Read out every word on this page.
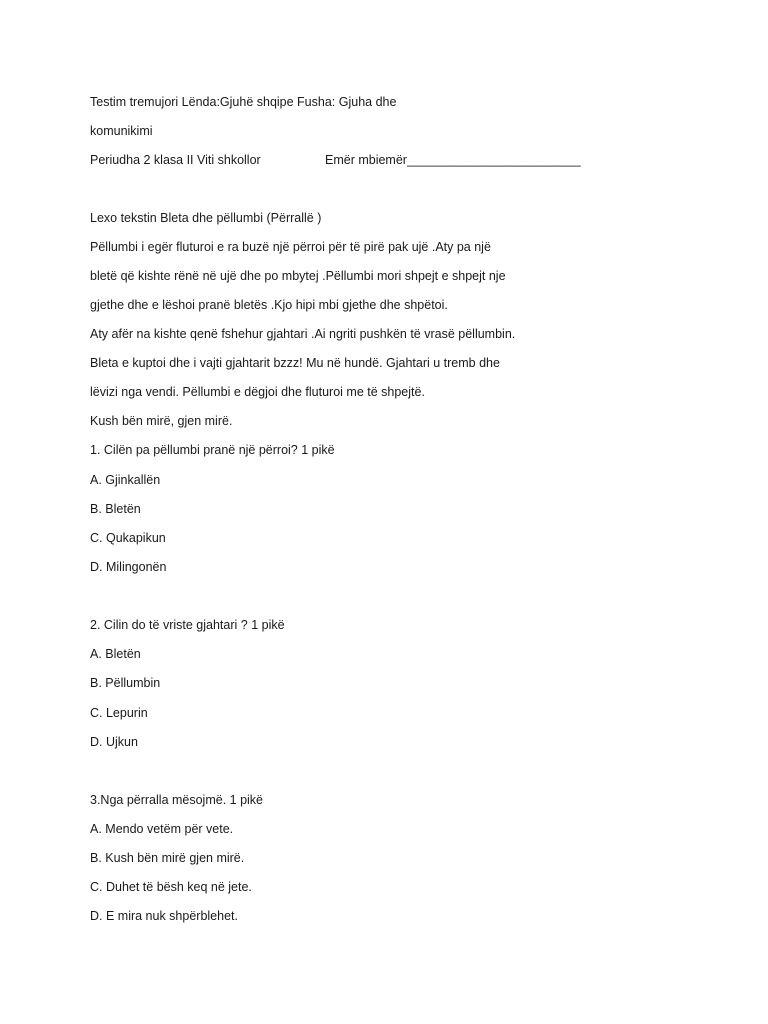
Testim tremujori Lënda:Gjuhë shqipe Fusha: Gjuha dhe
komunikimi
Periudha 2 klasa II Viti shkollor	Emër mbiemër_________________________
Lexo tekstin Bleta dhe pëllumbi (Përrallë )
Pëllumbi i egër fluturoi e ra buzë një përroi për të pirë pak ujë .Aty pa një
bletë që kishte rënë në ujë dhe po mbytej .Pëllumbi mori shpejt e shpejt nje
gjethe dhe e lëshoi pranë bletës .Kjo hipi mbi gjethe dhe shpëtoi.
Aty afër na kishte qenë fshehur gjahtari .Ai ngriti pushkën të vrasë pëllumbin.
Bleta e kuptoi dhe i vajti gjahtarit bzzz! Mu në hundë. Gjahtari u tremb dhe
lëvizi nga vendi. Pëllumbi e dëgjoi dhe fluturoi me të shpejtë.
Kush bën mirë, gjen mirë.
1. Cilën pa pëllumbi pranë një përroi? 1 pikë
A. Gjinkallën
B. Bletën
C. Qukapikun
D. Milingonën
2. Cilin do të vriste gjahtari ? 1 pikë
A. Bletën
B. Pëllumbin
C. Lepurin
D. Ujkun
3.Nga përralla mësojmë. 1 pikë
A. Mendo vetëm për vete.
B. Kush bën mirë gjen mirë.
C. Duhet të bësh keq në jete.
D. E mira nuk shpërblehet.
